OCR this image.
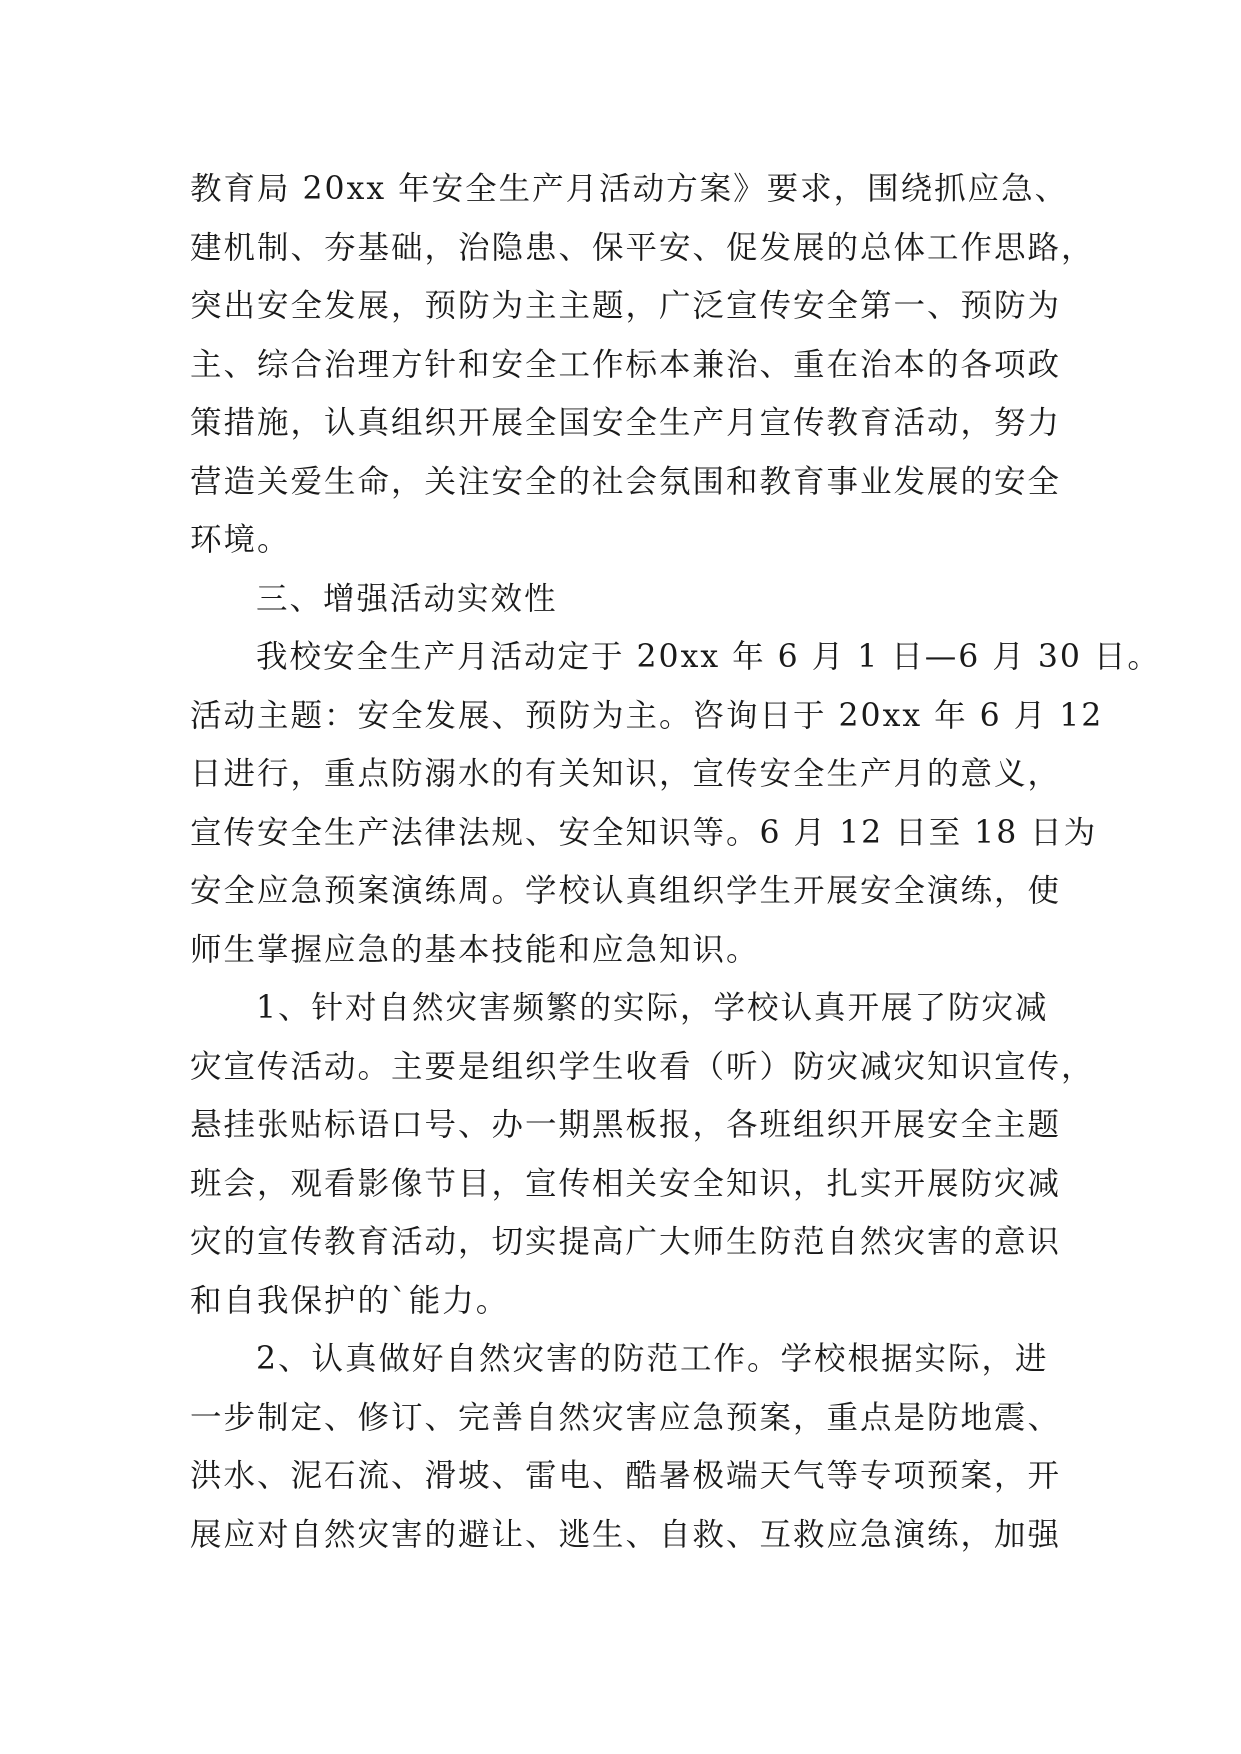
教育局 20xx 年安全生产月活动方案》要求，围绕抓应急、
建机制、夯基础，治隐患、保平安、促发展的总体工作思路，
突出安全发展，预防为主主题，广泛宣传安全第一、预防为
主、综合治理方针和安全工作标本兼治、重在治本的各项政
策措施，认真组织开展全国安全生产月宣传教育活动，努力
营造关爱生命，关注安全的社会氛围和教育事业发展的安全
环境。
三、增强活动实效性
我校安全生产月活动定于 20xx 年 6 月 1 日—6 月 30 日。
活动主题：安全发展、预防为主。咨询日于 20xx 年 6 月 12
日进行，重点防溺水的有关知识，宣传安全生产月的意义，
宣传安全生产法律法规、安全知识等。6 月 12 日至 18 日为
安全应急预案演练周。学校认真组织学生开展安全演练，使
师生掌握应急的基本技能和应急知识。
1、针对自然灾害频繁的实际，学校认真开展了防灾减
灾宣传活动。主要是组织学生收看（听）防灾减灾知识宣传，
悬挂张贴标语口号、办一期黑板报，各班组织开展安全主题
班会，观看影像节目，宣传相关安全知识，扎实开展防灾减
灾的宣传教育活动，切实提高广大师生防范自然灾害的意识
和自我保护的`能力。
2、认真做好自然灾害的防范工作。学校根据实际，进
一步制定、修订、完善自然灾害应急预案，重点是防地震、
洪水、泥石流、滑坡、雷电、酷暑极端天气等专项预案，开
展应对自然灾害的避让、逃生、自救、互救应急演练，加强
